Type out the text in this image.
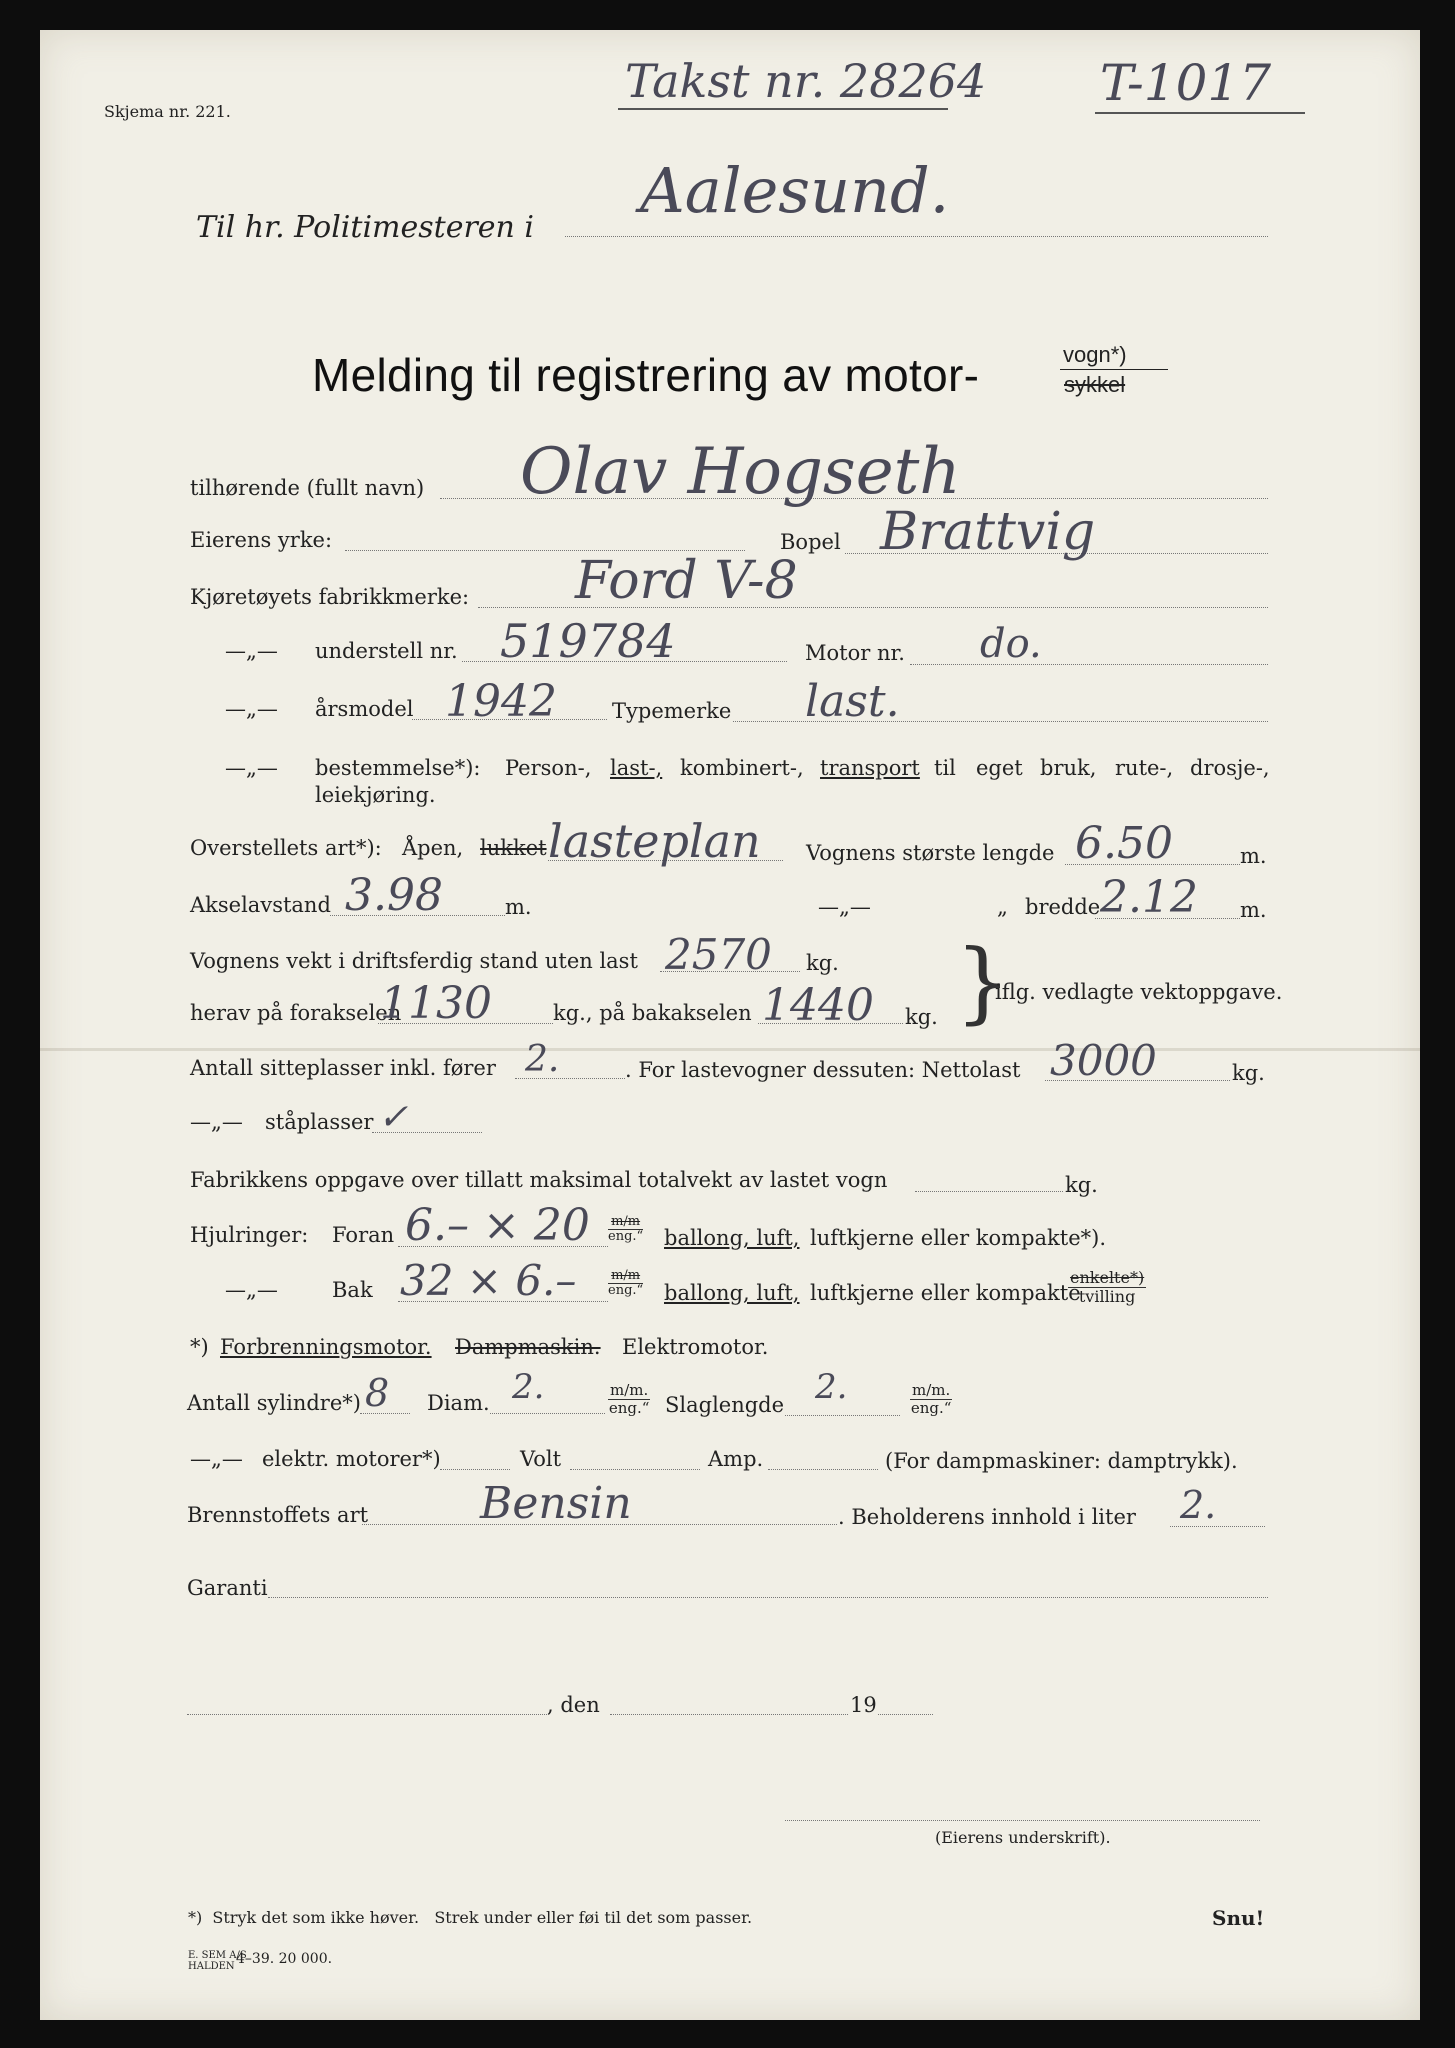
Skjema nr. 221.
Takst nr. 28264 T-1017
Til hr. Politimesteren i
Aalesund.
Melding til registrering av motor-	vogn*)
sykkel
tilhørende (fullt navn) Olav Hogseth
Eierens yrke:	Bopel Brattvig
Kjøretøyets fabrikkmerke: Ford V-8
—„— understell nr. 519784	Motor nr. do.
—„— årsmodel 1942	Typemerke last.
—„— bestemmelse*): Person-, last-, kombinert-, transport til eget bruk, rute-, drosje-,
leiekjøring.
Overstellets art*): Åpen, lukket lasteplan Vognens største lengde 6.50	m.
Akselavstand 3.98	m.	—„—	„ bredde 2.12 m.
Vognens vekt i driftsferdig stand uten last 2570 kg.
herav på forakselen
1130	kg., på bakakselen 1440 kg. }
iflg. vedlagte vektoppgave.
Antall sitteplasser inkl. fører 2.	. For lastevogner dessuten: Nettolast 3000	kg.
—„— ståplasser ✓
Fabrikkens oppgave over tillatt maksimal totalvekt av lastet vogn	kg.
Hjulringer: Foran 6.– × 20 m/m
eng.“ ballong, luft, luftkjerne eller kompakte*).
—„—	Bak 32 × 6.–	m/m
eng.“ ballong, luft, luftkjerne eller kompakte
enkelte*)
tvilling
*) Forbrenningsmotor. Dampmaskin. Elektromotor.
Antall sylindre*) 8 Diam. 2.	m/m.
eng.“ Slaglengde 2.	m/m.
eng.“
—„— elektr. motorer*)	Volt	Amp.	(For dampmaskiner: damptrykk).
Brennstoffets art	Bensin	. Beholderens innhold i liter 2.
Garanti
, den	19
(Eierens underskrift).
*)  Stryk det som ikke høver.   Strek under eller føi til det som passer.	Snu!
E. SEM A/S
HALDEN 4–39. 20 000.
